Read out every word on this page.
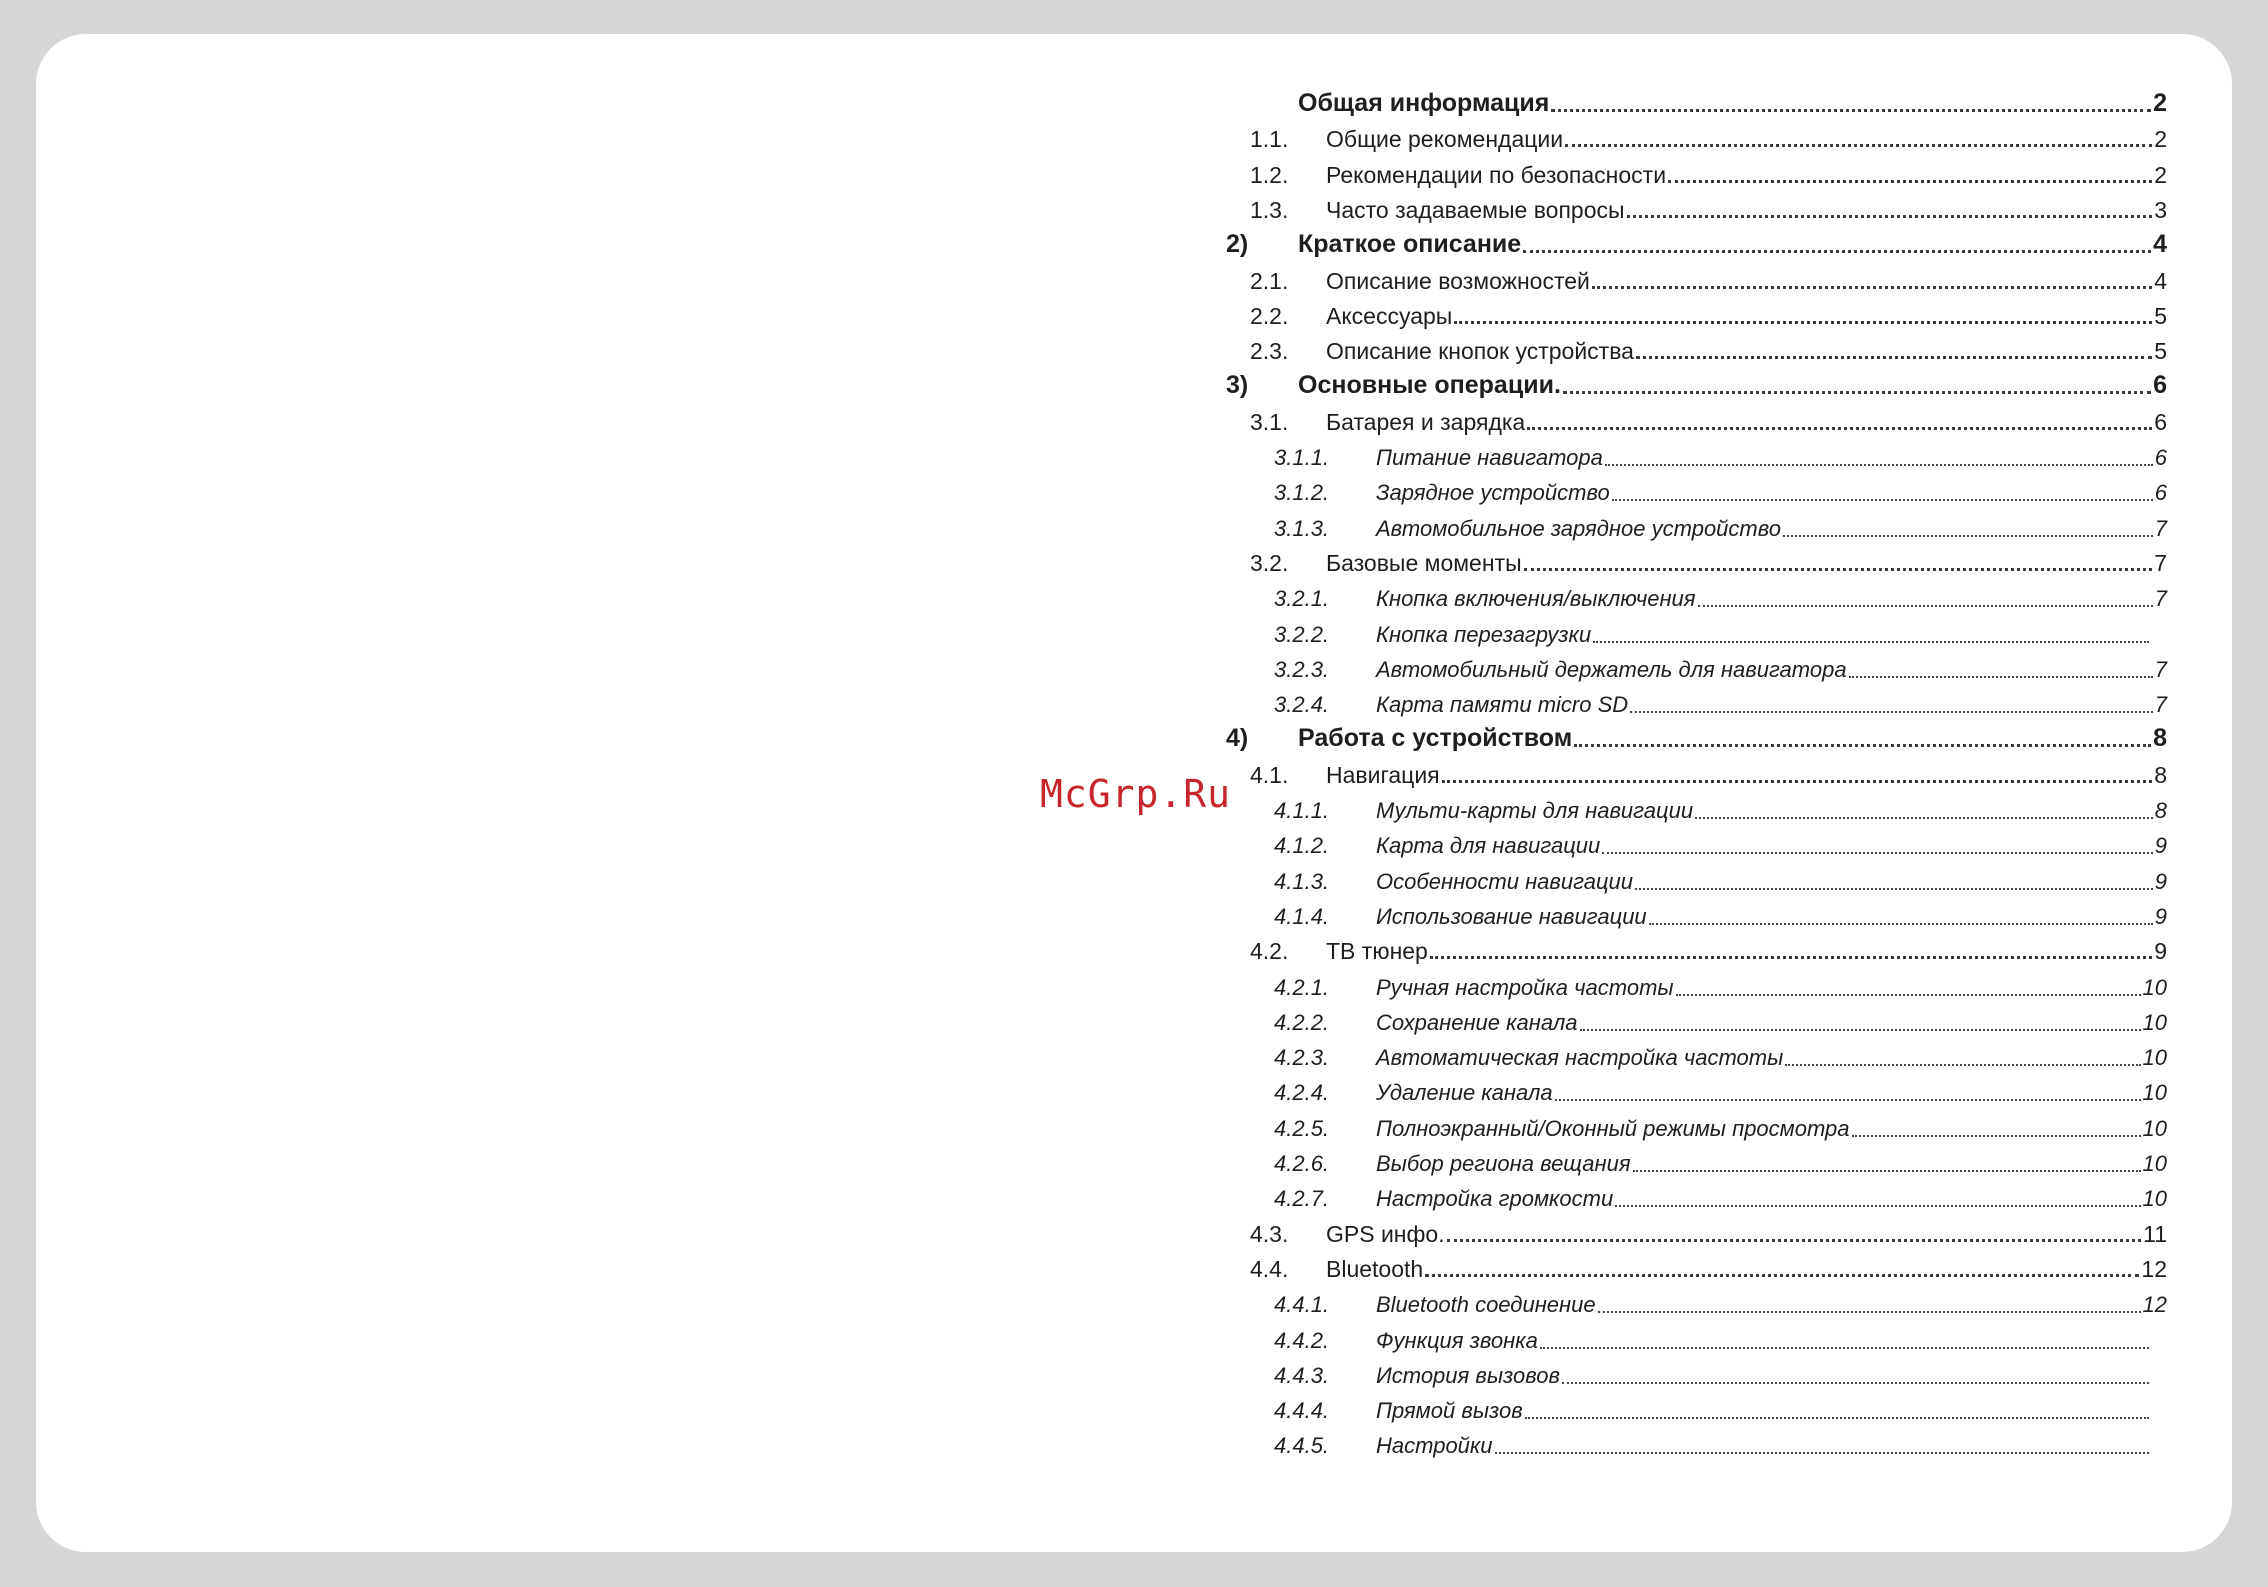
McGrp.Ru
Общая информация	2
1.1. Общие рекомендации	2
1.2. Рекомендации по безопасности	2
1.3. Часто задаваемые вопросы	3
2) Краткое описание	4
2.1. Описание возможностей	4
2.2. Аксессуары	5
2.3. Описание кнопок устройства	5
3) Основные операции.	6
3.1. Батарея и зарядка	6
3.1.1. Питание навигатора	6
3.1.2. Зарядное устройство	6
3.1.3. Автомобильное зарядное устройство	7
3.2. Базовые моменты	7
3.2.1. Кнопка включения/выключения	7
3.2.2. Кнопка перезагрузки
3.2.3. Автомобильный держатель для навигатора	7
3.2.4. Карта памяти micro SD	7
4) Работа с устройством	8
4.1. Навигация	8
4.1.1. Мульти-карты для навигации	8
4.1.2. Карта для навигации	9
4.1.3. Особенности навигации	9
4.1.4. Использование навигации	9
4.2. ТВ тюнер	9
4.2.1. Ручная настройка частоты	10
4.2.2. Сохранение канала	10
4.2.3. Автоматическая настройка частоты	10
4.2.4. Удаление канала	10
4.2.5. Полноэкранный/Оконный режимы просмотра	10
4.2.6. Выбор региона вещания	10
4.2.7. Настройка громкости	10
4.3. GPS инфо.	11
4.4. Bluetooth	12
4.4.1. Bluetooth соединение	12
4.4.2. Функция звонка
4.4.3. История вызовов
4.4.4. Прямой вызов
4.4.5. Настройки
